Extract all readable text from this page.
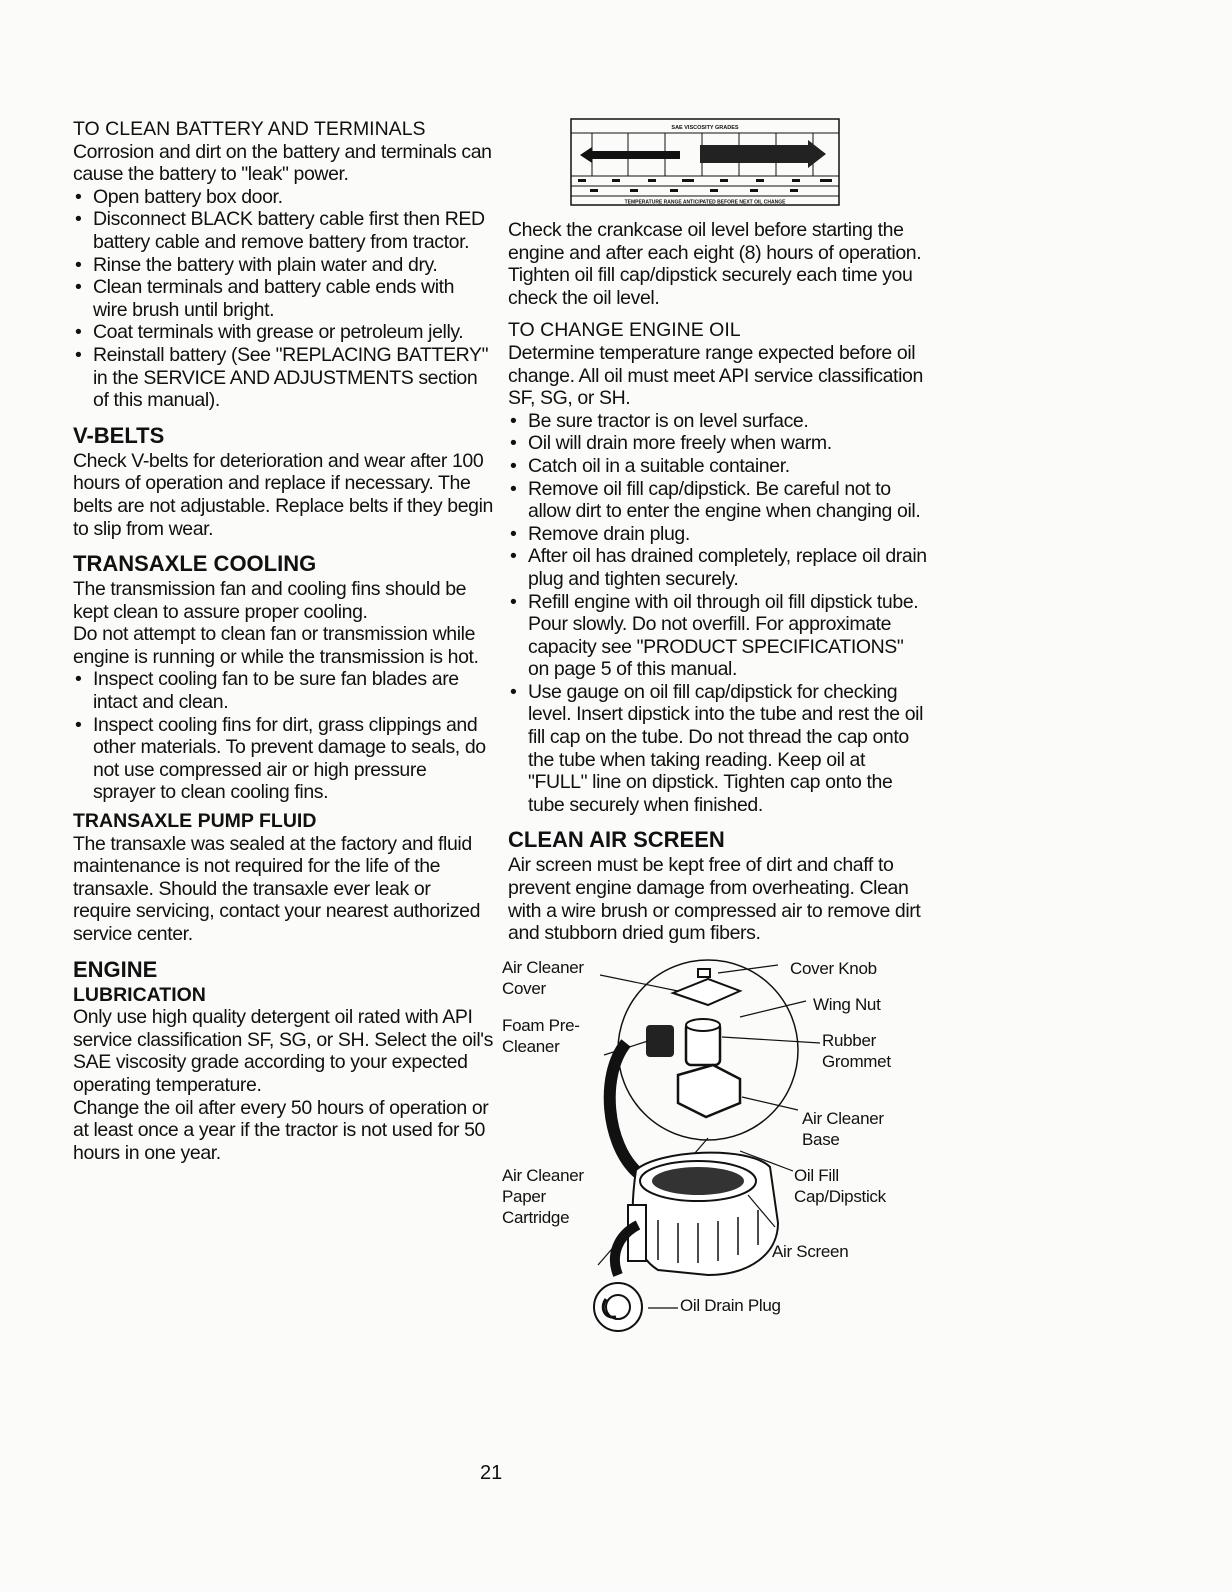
TO CLEAN BATTERY AND TERMINALS

Corrosion and dirt on the battery and terminals can cause the battery to "leak" power.

• Open battery box door.
• Disconnect BLACK battery cable first then RED battery cable and remove battery from tractor.
• Rinse the battery with plain water and dry.
• Clean terminals and battery cable ends with wire brush until bright.
• Coat terminals with grease or petroleum jelly.
• Reinstall battery (See "REPLACING BATTERY" in the SERVICE AND ADJUSTMENTS section of this manual).
V-BELTS

Check V-belts for deterioration and wear after 100 hours of operation and replace if necessary. The belts are not adjustable. Replace belts if they begin to slip from wear.

TRANSAXLE COOLING

The transmission fan and cooling fins should be kept clean to assure proper cooling.

Do not attempt to clean fan or transmission while engine is running or while the transmission is hot.

• Inspect cooling fan to be sure fan blades are intact and clean.
• Inspect cooling fins for dirt, grass clippings and other materials. To prevent damage to seals, do not use compressed air or high pressure sprayer to clean cooling fins.
TRANSAXLE PUMP FLUID

The transaxle was sealed at the factory and fluid maintenance is not required for the life of the transaxle. Should the transaxle ever leak or require servicing, contact your nearest authorized service center.

ENGINE
LUBRICATION

Only use high quality detergent oil rated with API service classification SF, SG, or SH. Select the oil's SAE viscosity grade according to your expected operating temperature.

Change the oil after every 50 hours of operation or at least once a year if the tractor is not used for 50 hours in one year.

SAE VISCOSITY GRADES
TEMPERATURE RANGE ANTICIPATED BEFORE NEXT OIL CHANGE

Check the crankcase oil level before starting the engine and after each eight (8) hours of operation. Tighten oil fill cap/dipstick securely each time you check the oil level.

TO CHANGE ENGINE OIL

Determine temperature range expected before oil change. All oil must meet API service classification SF, SG, or SH.

• Be sure tractor is on level surface.
• Oil will drain more freely when warm.
• Catch oil in a suitable container.
• Remove oil fill cap/dipstick. Be careful not to allow dirt to enter the engine when changing oil.
• Remove drain plug.
• After oil has drained completely, replace oil drain plug and tighten securely.
• Refill engine with oil through oil fill dipstick tube. Pour slowly. Do not overfill. For approximate capacity see "PRODUCT SPECIFICATIONS" on page 5 of this manual.
• Use gauge on oil fill cap/dipstick for checking level. Insert dipstick into the tube and rest the oil fill cap on the tube. Do not thread the cap onto the tube when taking reading. Keep oil at "FULL" line on dipstick. Tighten cap onto the tube securely when finished.
CLEAN AIR SCREEN

Air screen must be kept free of dirt and chaff to prevent engine damage from overheating. Clean with a wire brush or compressed air to remove dirt and stubborn dried gum fibers.

Air Cleaner Cover
Foam Pre-Cleaner
Cover Knob
Wing Nut
Rubber Grommet
Air Cleaner Base
Air Cleaner Paper Cartridge
Oil Fill Cap/Dipstick
Air Screen
Oil Drain Plug
21
